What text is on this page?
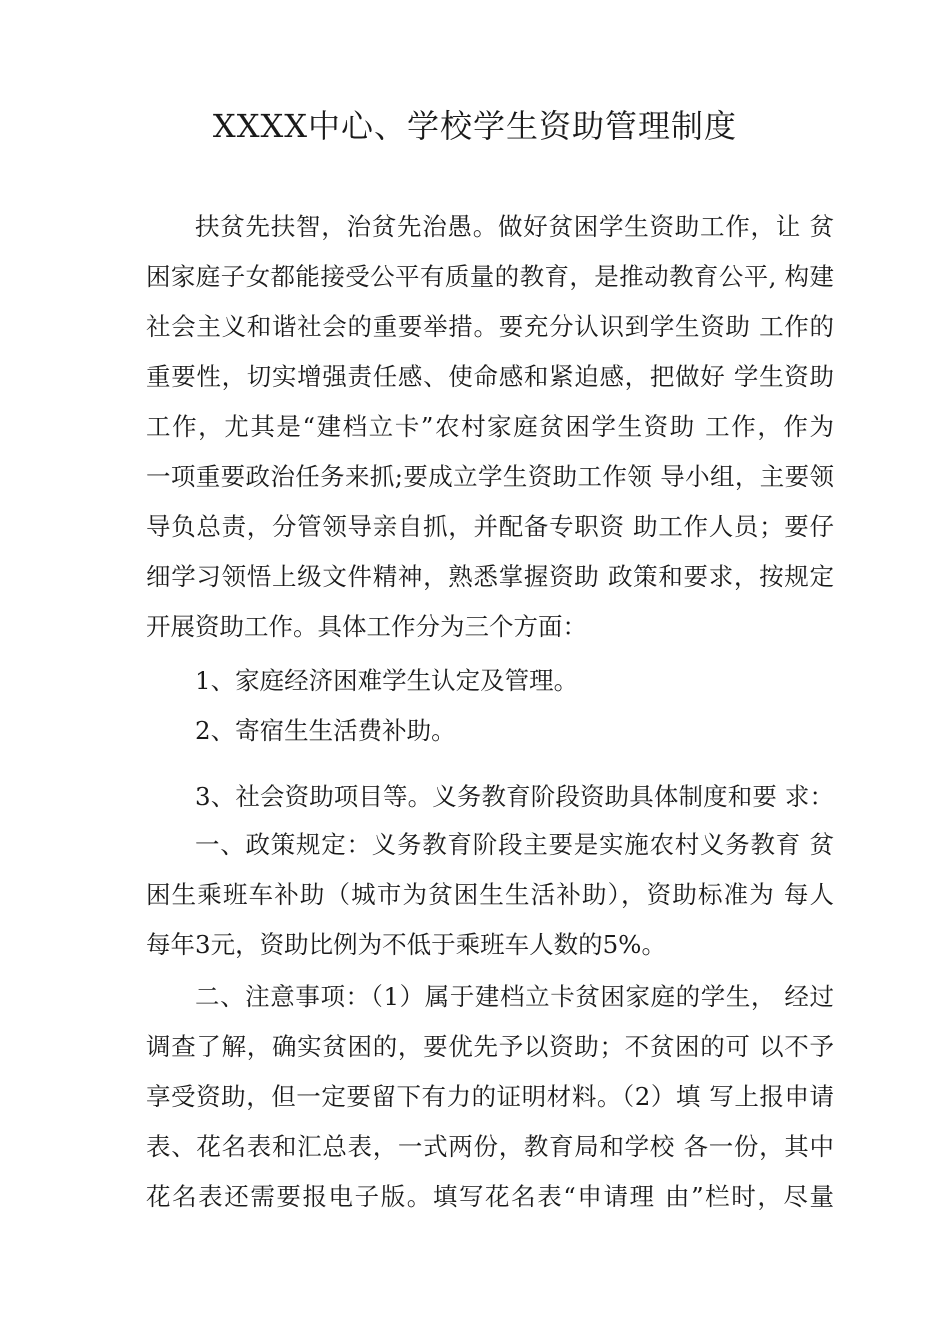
XXXX中心、学校学生资助管理制度
扶贫先扶智，治贫先治愚。做好贫困学生资助工作，让 贫
困家庭子女都能接受公平有质量的教育，是推动教育公平, 构建
社会主义和谐社会的重要举措。要充分认识到学生资助 工作的
重要性，切实增强责任感、使命感和紧迫感，把做好 学生资助
工作，尤其是“建档立卡”农村家庭贫困学生资助 工作，作为
一项重要政治任务来抓;要成立学生资助工作领 导小组，主要领
导负总责，分管领导亲自抓，并配备专职资 助工作人员；要仔
细学习领悟上级文件精神，熟悉掌握资助 政策和要求，按规定
开展资助工作。具体工作分为三个方面：
1、家庭经济困难学生认定及管理。
2、寄宿生生活费补助。
3、社会资助项目等。义务教育阶段资助具体制度和要 求：
一、政策规定：义务教育阶段主要是实施农村义务教育 贫
困生乘班车补助（城市为贫困生生活补助），资助标准为 每人
每年3元，资助比例为不低于乘班车人数的5%。
二、注意事项：（1）属于建档立卡贫困家庭的学生， 经过
调查了解，确实贫困的，要优先予以资助；不贫困的可 以不予
享受资助，但一定要留下有力的证明材料。（2）填 写上报申请
表、花名表和汇总表，一式两份，教育局和学校 各一份，其中
花名表还需要报电子版。填写花名表“申请理 由”栏时，尽量
